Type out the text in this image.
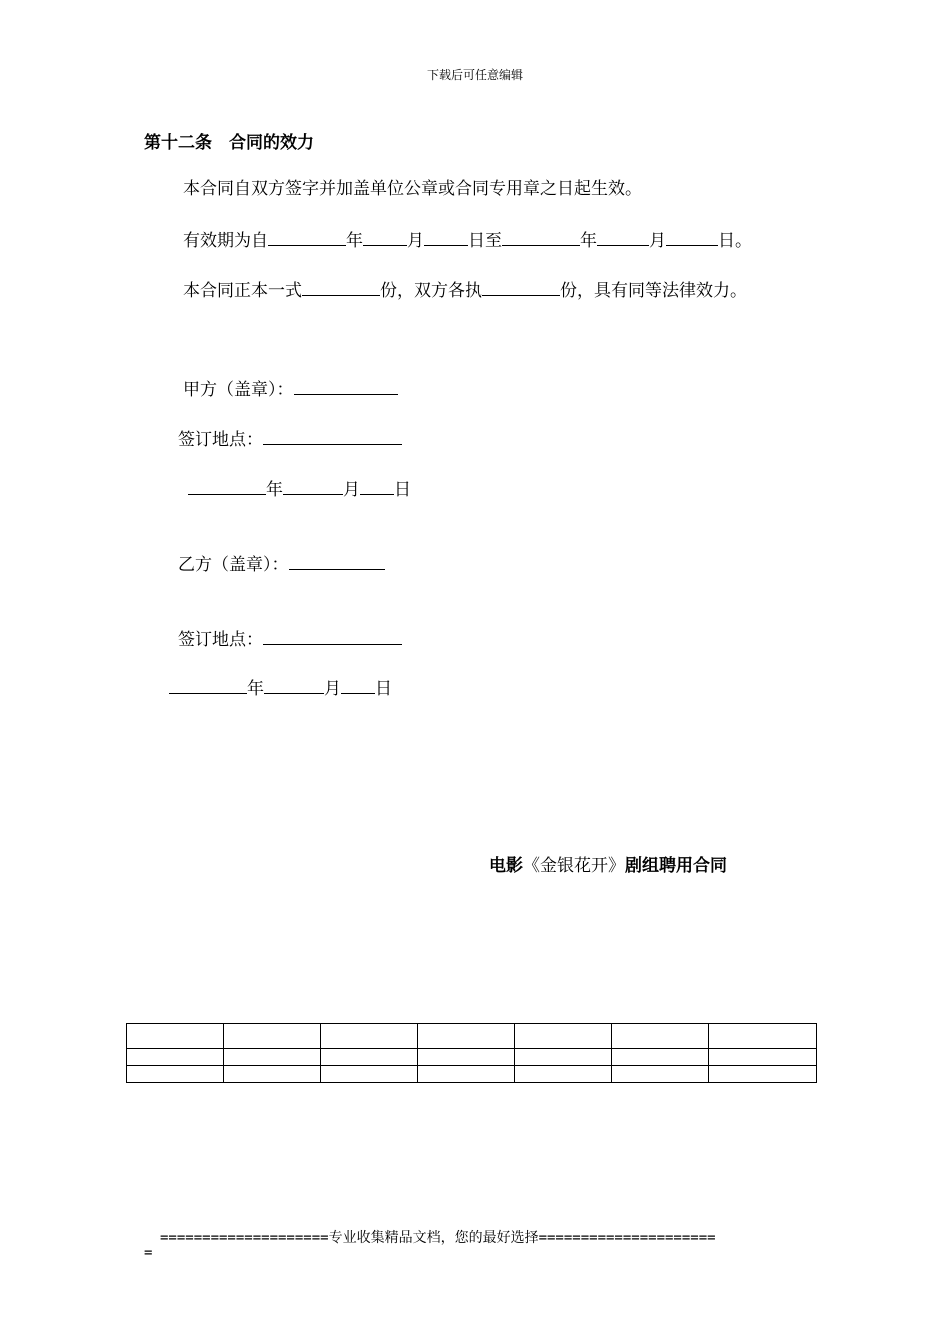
下载后可任意编辑
第十二条　合同的效力
本合同自双方签字并加盖单位公章或合同专用章之日起生效。
有效期为自	年	月	日至	年	月	日。
本合同正本一式	份，双方各执	份，具有同等法律效力。
甲方（盖章）：
签订地点：
年	月 日
乙方（盖章）：
签订地点：
年	月 日
电影《金银花开》剧组聘用合同

====================专业收集精品文档，您的最好选择=====================
=
